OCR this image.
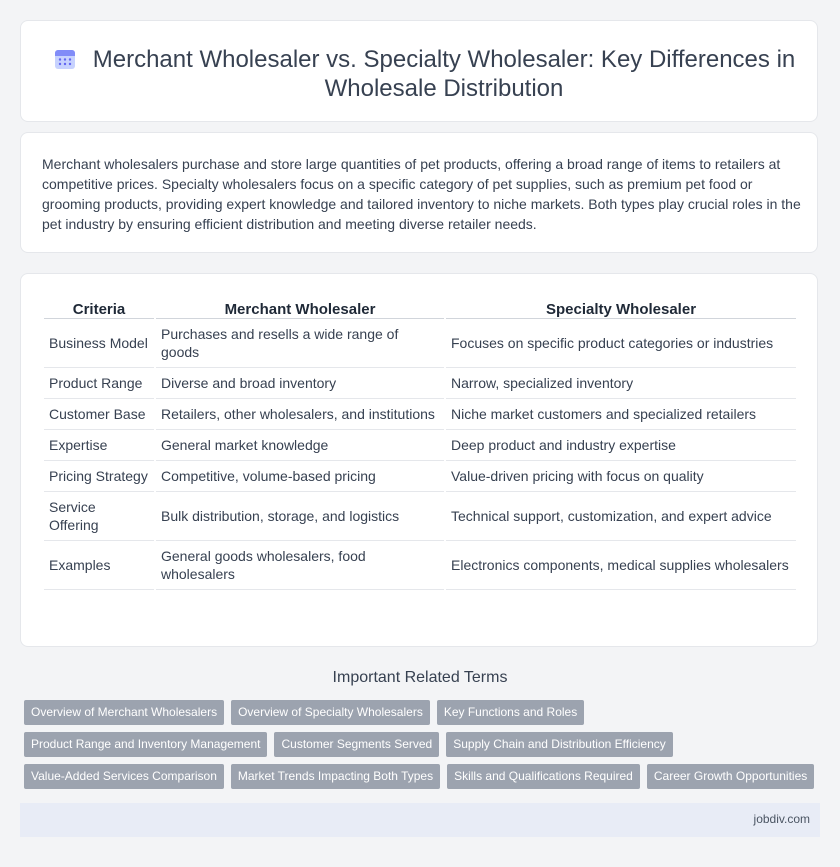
Merchant Wholesaler vs. Specialty Wholesaler: Key Differences in Wholesale Distribution

Merchant wholesalers purchase and store large quantities of pet products, offering a broad range of items to retailers at competitive prices. Specialty wholesalers focus on a specific category of pet supplies, such as premium pet food or grooming products, providing expert knowledge and tailored inventory to niche markets. Both types play crucial roles in the pet industry by ensuring efficient distribution and meeting diverse retailer needs.

Criteria	Merchant Wholesaler	Specialty Wholesaler
Business Model	Purchases and resells a wide range of goods	Focuses on specific product categories or industries
Product Range	Diverse and broad inventory	Narrow, specialized inventory
Customer Base	Retailers, other wholesalers, and institutions	Niche market customers and specialized retailers
Expertise	General market knowledge	Deep product and industry expertise
Pricing Strategy	Competitive, volume-based pricing	Value-driven pricing with focus on quality
Service Offering	Bulk distribution, storage, and logistics	Technical support, customization, and expert advice
Examples	General goods wholesalers, food wholesalers	Electronics components, medical supplies wholesalers
Important Related Terms
Overview of Merchant Wholesalers	Overview of Specialty Wholesalers	Key Functions and Roles
Product Range and Inventory Management	Customer Segments Served	Supply Chain and Distribution Efficiency
Value-Added Services Comparison	Market Trends Impacting Both Types	Skills and Qualifications Required	Career Growth Opportunities
jobdiv.com
